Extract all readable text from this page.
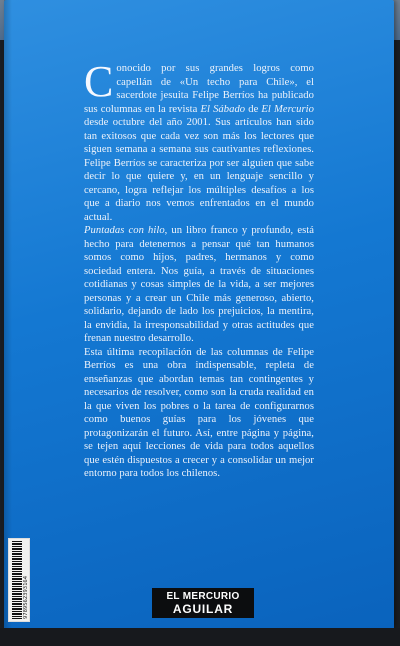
Conocido por sus grandes logros como capellán de «Un techo para Chile», el sacerdote jesuita Felipe Berríos ha publicado sus columnas en la revista El Sábado de El Mercurio desde octubre del año 2001. Sus artículos han sido tan exitosos que cada vez son más los lectores que siguen semana a semana sus cautivantes reflexiones. Felipe Berríos se caracteriza por ser alguien que sabe decir lo que quiere y, en un lenguaje sencillo y cercano, logra reflejar los múltiples desafíos a los que a diario nos vemos enfrentados en el mundo actual.

Puntadas con hilo, un libro franco y profundo, está hecho para detenernos a pensar qué tan humanos somos como hijos, padres, hermanos y como sociedad entera. Nos guía, a través de situaciones cotidianas y cosas simples de la vida, a ser mejores personas y a crear un Chile más generoso, abierto, solidario, dejando de lado los prejuicios, la mentira, la envidia, la irresponsabilidad y otras actitudes que frenan nuestro desarrollo.

Esta última recopilación de las columnas de Felipe Berríos es una obra indispensable, repleta de enseñanzas que abordan temas tan contingentes y necesarios de resolver, como son la cruda realidad en la que viven los pobres o la tarea de configurarnos como buenos guías para los jóvenes que protagonizarán el futuro. Así, entre página y página, se tejen aquí lecciones de vida para todos aquellos que estén dispuestos a crecer y a consolidar un mejor entorno para todos los chilenos.

9789562393164	EL MERCURIO
AGUILAR
